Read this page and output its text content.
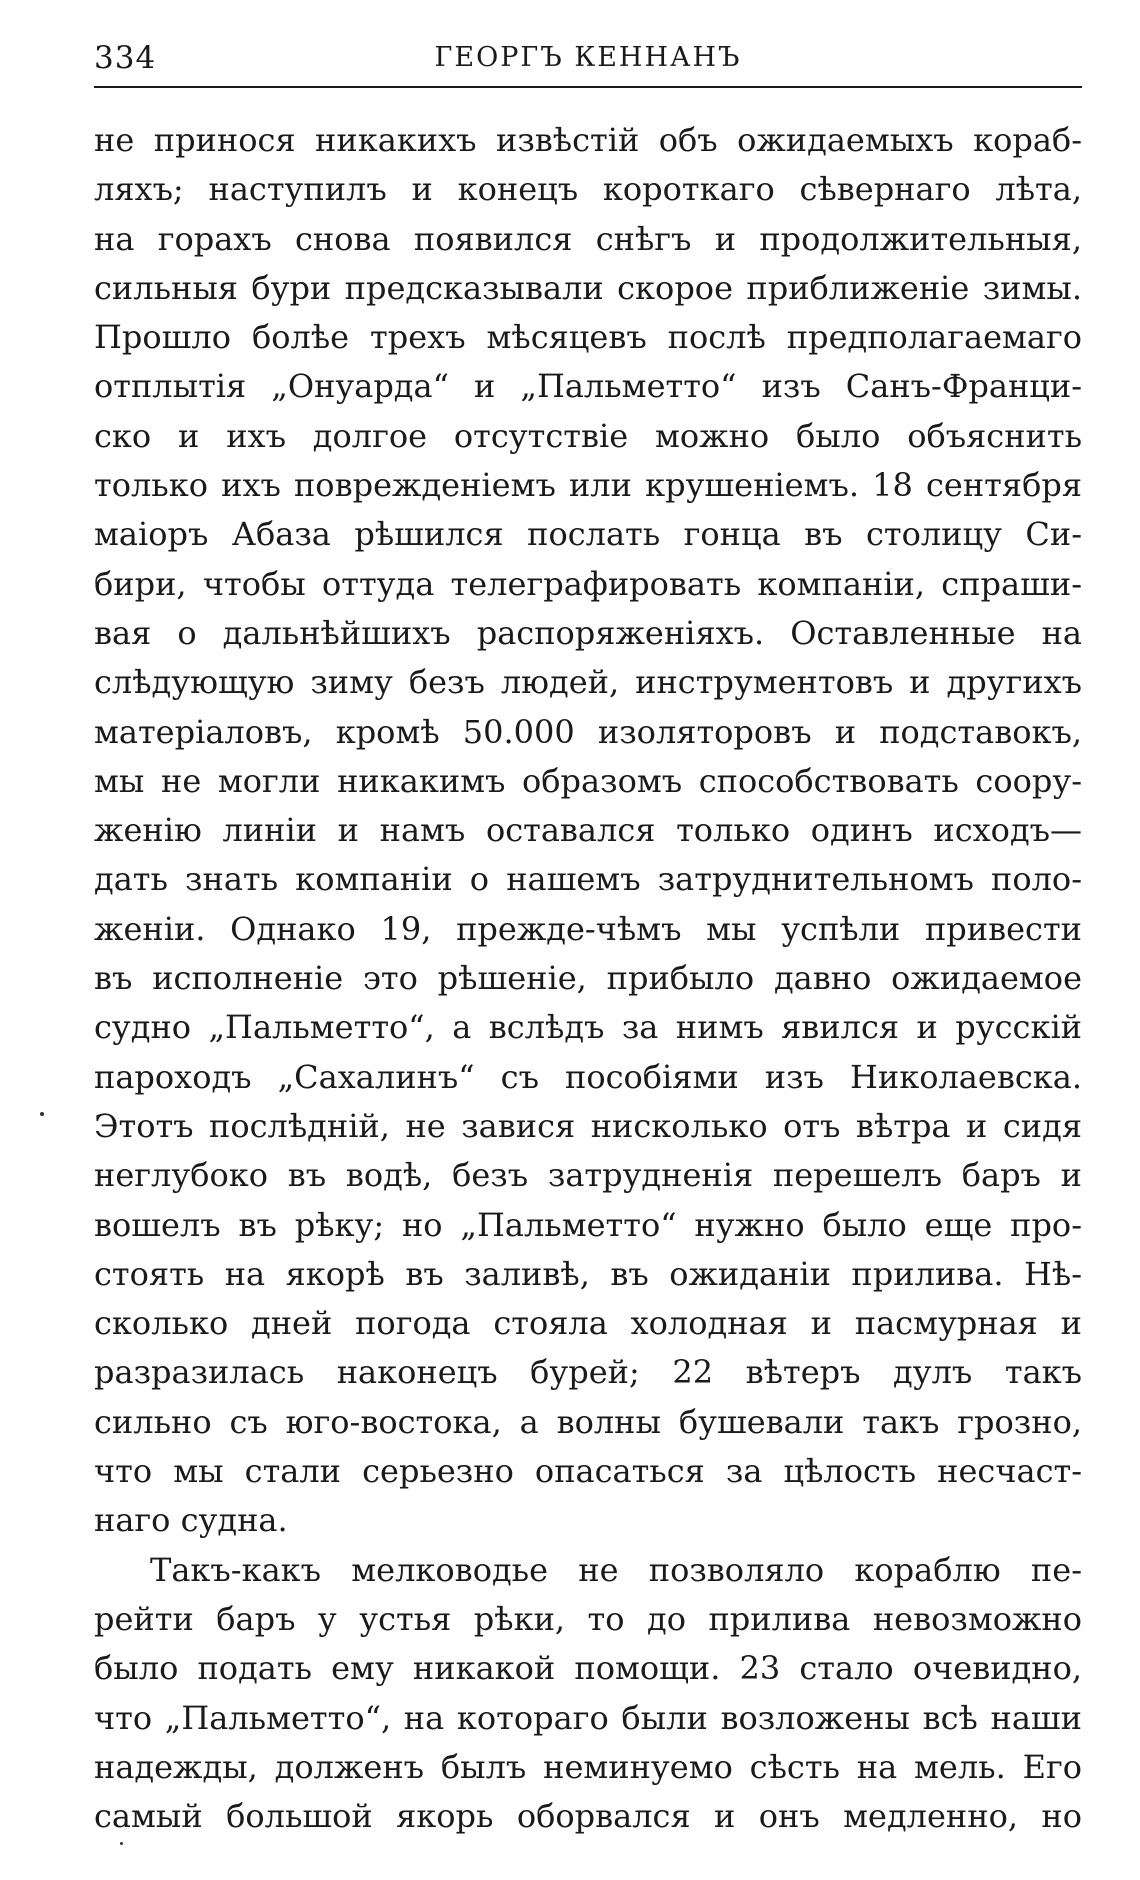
334	ГЕОРГЪ КЕННАНЪ
не принося никакихъ извѣстій объ ожидаемыхъ кораб-
ляхъ; наступилъ и конецъ короткаго сѣвернаго лѣта,
на горахъ снова появился снѣгъ и продолжительныя,
сильныя бури предсказывали скорое приближеніе зимы.
Прошло болѣе трехъ мѣсяцевъ послѣ предполагаемаго
отплытія „Онуарда“ и „Пальметто“ изъ Санъ-Франци-
ско и ихъ долгое отсутствіе можно было объяснить
только ихъ поврежденіемъ или крушеніемъ. 18 сентября
маіоръ Абаза рѣшился послать гонца въ столицу Си-
бири, чтобы оттуда телеграфировать компаніи, спраши-
вая о дальнѣйшихъ распоряженіяхъ. Оставленные на
слѣдующую зиму безъ людей, инструментовъ и другихъ
матеріаловъ, кромѣ 50.000 изоляторовъ и подставокъ,
мы не могли никакимъ образомъ способствовать соору-
женію линіи и намъ оставался только одинъ исходъ—
дать знать компаніи о нашемъ затруднительномъ поло-
женіи. Однако 19, прежде-чѣмъ мы успѣли привести
въ исполненіе это рѣшеніе, прибыло давно ожидаемое
судно „Пальметто“, а вслѣдъ за нимъ явился и русскій
пароходъ „Сахалинъ“ съ пособіями изъ Николаевска.
Этотъ послѣдній, не завися нисколько отъ вѣтра и сидя
неглубоко въ водѣ, безъ затрудненія перешелъ баръ и
вошелъ въ рѣку; но „Пальметто“ нужно было еще про-
стоять на якорѣ въ заливѣ, въ ожиданіи прилива. Нѣ-
сколько дней погода стояла холодная и пасмурная и
разразилась наконецъ бурей; 22 вѣтеръ дулъ такъ
сильно съ юго-востока, а волны бушевали такъ грозно,
что мы стали серьезно опасаться за цѣлость несчаст-
наго судна.
Такъ-какъ мелководье не позволяло кораблю пе-
рейти баръ у устья рѣки, то до прилива невозможно
было подать ему никакой помощи. 23 стало очевидно,
что „Пальметто“, на котораго были возложены всѣ наши
надежды, долженъ былъ неминуемо сѣсть на мель. Его
самый большой якорь оборвался и онъ медленно, но
